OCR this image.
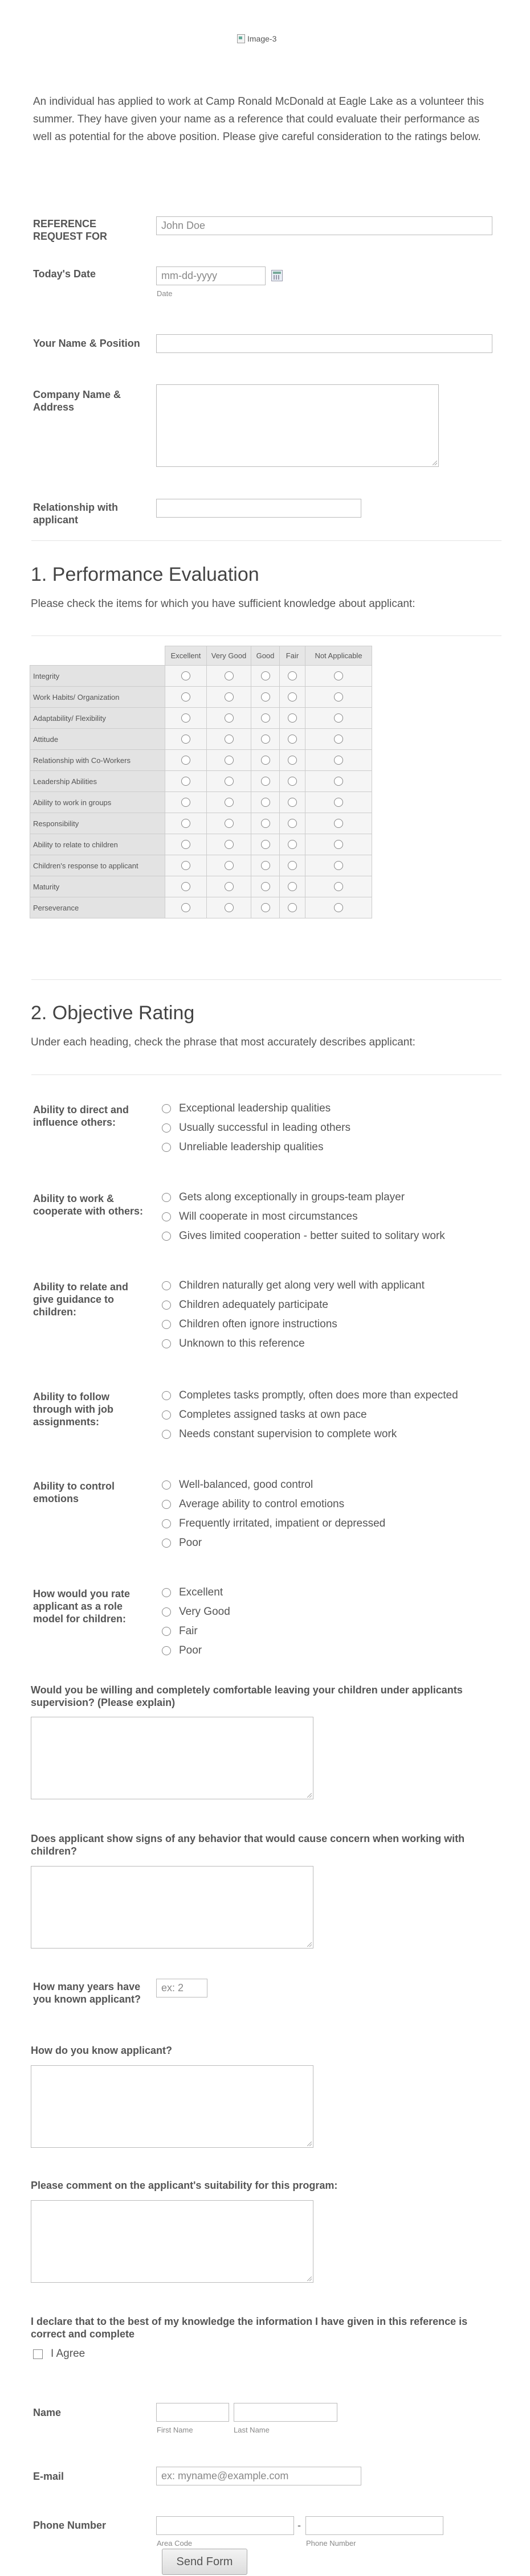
Image-3
An individual has applied to work at Camp Ronald McDonald at Eagle Lake as a volunteer this summer. They have given your name as a reference that could evaluate their performance as well as potential for the above position. Please give careful consideration to the ratings below.
REFERENCE REQUEST FOR
John Doe
Today's Date	mm-dd-yyyy
Date
Your Name & Position
Company Name & Address
Relationship with applicant
1. Performance Evaluation
Please check the items for which you have sufficient knowledge about applicant:
	Excellent	Very Good	Good	Fair	Not Applicable
Integrity					
Work Habits/ Organization					
Adaptability/ Flexibility					
Attitude					
Relationship with Co-Workers					
Leadership Abilities					
Ability to work in groups					
Responsibility					
Ability to relate to children					
Children's response to applicant					
Maturity					
Perseverance					
2. Objective Rating
Under each heading, check the phrase that most accurately describes applicant:
Ability to direct and influence others:
Exceptional leadership qualities
Usually successful in leading others
Unreliable leadership qualities
Ability to work & cooperate with others:
Gets along exceptionally in groups-team player
Will cooperate in most circumstances
Gives limited cooperation - better suited to solitary work
Ability to relate and give guidance to children:
Children naturally get along very well with applicant
Children adequately participate
Children often ignore instructions
Unknown to this reference
Ability to follow through with job assignments:
Completes tasks promptly, often does more than expected
Completes assigned tasks at own pace
Needs constant supervision to complete work
Ability to control emotions
Well-balanced, good control
Average ability to control emotions
Frequently irritated, impatient or depressed
Poor
How would you rate applicant as a role model for children:
Excellent
Very Good
Fair
Poor
Would you be willing and completely comfortable leaving your children under applicants supervision? (Please explain)
Does applicant show signs of any behavior that would cause concern when working with children?
How many years have you known applicant?
ex: 2
How do you know applicant?
Please comment on the applicant's suitability for this program:
I declare that to the best of my knowledge the information I have given in this reference is correct and complete
I Agree
Name
First Name	Last Name
E-mail	ex: myname@example.com
Phone Number	-
Area Code	Phone Number
Send Form
